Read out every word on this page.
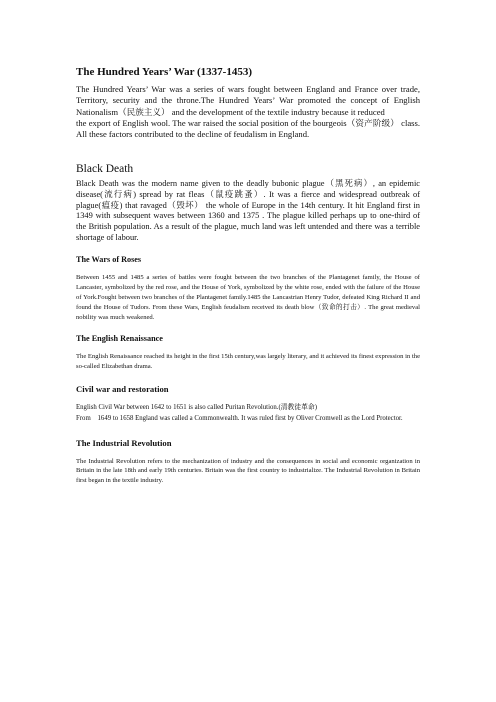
The Hundred Years’ War (1337-1453)

The Hundred Years’ War was a series of wars fought between England and France over trade, Territory, security and the throne.The Hundred Years’ War promoted the concept of English Nationalism（民族主义） and the development of the textile industry because it reduced

the export of English wool. The war raised the social position of the bourgeois（资产阶级） class. All these factors contributed to the decline of feudalism in England.

Black Death

Black Death was the modern name given to the deadly bubonic plague（黑死病）, an epidemic disease(流行病) spread by rat fleas（鼠疫跳蚤）. It was a fierce and widespread outbreak of plague(瘟疫) that ravaged（毁坏） the whole of Europe in the 14th century. It hit England first in 1349 with subsequent waves between 1360 and 1375 . The plague killed perhaps up to one-third of the British population. As a result of the plague, much land was left untended and there was a terrible shortage of labour.

The Wars of Roses

Between 1455 and 1485 a series of battles were fought between the two branches of the Plantagenet family, the House of Lancaster, symbolized by the red rose, and the House of York, symbolized by the white rose, ended with the failure of the House of York.Fought between two branches of the Plantagenet family.1485 the Lancastrian Henry Tudor, defeated King Richard II and found the House of Tudors. From these Wars, English feudalism received its death blow（致命的打击）. The great medieval nobility was much weakened.

The English Renaissance

The English Renaissance reached its height in the first 15th century,was largely literary, and it achieved its finest expression in the so-called Elizabethan drama.

Civil war and restoration

English Civil War between 1642 to 1651 is also called Puritan Revolution.(清教徒革命)

From　1649 to 1658 England was called a Commonwealth. It was ruled first by Oliver Cromwell as the Lord Protector.

The Industrial Revolution

The Industrial Revolution refers to the mechanization of industry and the consequences in social and economic organization in Britain in the late 18th and early 19th centuries. Britain was the first country to industrialize. The Industrial Revolution in Britain first began in the textile industry.
